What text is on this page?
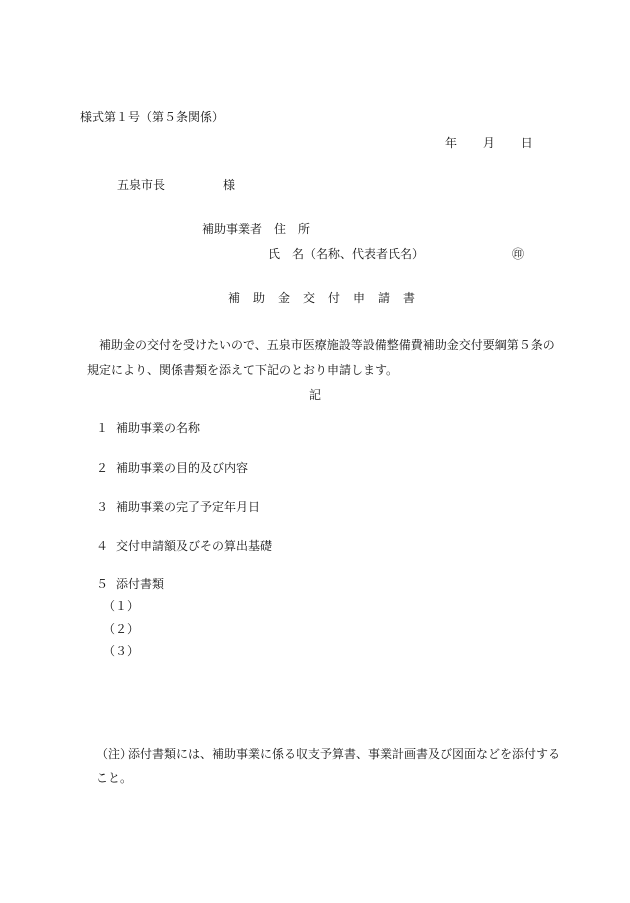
様式第１号（第５条関係）
年 月 日
五泉市長	様
補助事業者 住　所
氏　名（名称、代表者氏名）	㊞
補助金交付申請書
補助金の交付を受けたいので、五泉市医療施設等設備整備費補助金交付要綱第５条の規定により、関係書類を添えて下記のとおり申請します。
記
１ 補助事業の名称
２ 補助事業の目的及び内容
３ 補助事業の完了予定年月日
４ 交付申請額及びその算出基礎
５ 添付書類
（１）
（２）
（３）
（注）添付書類には、補助事業に係る収支予算書、事業計画書及び図面などを添付すること。
